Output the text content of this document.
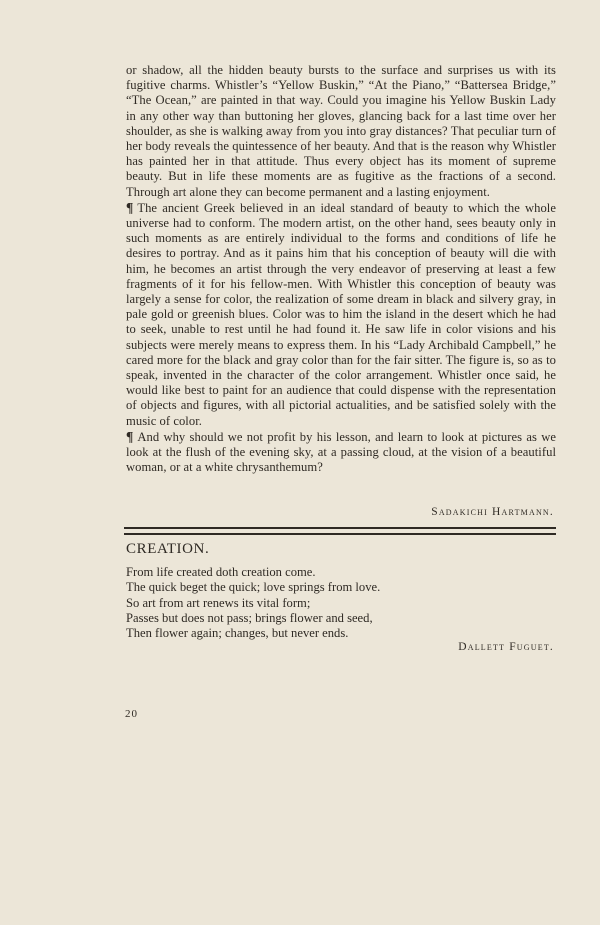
or shadow, all the hidden beauty bursts to the surface and surprises us with its fugitive charms. Whistler’s “Yellow Buskin,” “At the Piano,” “Battersea Bridge,” “The Ocean,” are painted in that way. Could you imagine his Yellow Buskin Lady in any other way than buttoning her gloves, glancing back for a last time over her shoulder, as she is walking away from you into gray distances? That peculiar turn of her body reveals the quintessence of her beauty. And that is the reason why Whistler has painted her in that attitude. Thus every object has its moment of supreme beauty. But in life these moments are as fugitive as the fractions of a second. Through art alone they can become permanent and a lasting enjoyment.

¶ The ancient Greek believed in an ideal standard of beauty to which the whole universe had to conform. The modern artist, on the other hand, sees beauty only in such moments as are entirely individual to the forms and conditions of life he desires to portray. And as it pains him that his conception of beauty will die with him, he becomes an artist through the very endeavor of preserving at least a few fragments of it for his fellow-men. With Whistler this conception of beauty was largely a sense for color, the realization of some dream in black and silvery gray, in pale gold or greenish blues. Color was to him the island in the desert which he had to seek, unable to rest until he had found it. He saw life in color visions and his subjects were merely means to express them. In his “Lady Archibald Campbell,” he cared more for the black and gray color than for the fair sitter. The figure is, so as to speak, invented in the character of the color arrangement. Whistler once said, he would like best to paint for an audience that could dispense with the representation of objects and figures, with all pictorial actualities, and be satisfied solely with the music of color.

¶ And why should we not profit by his lesson, and learn to look at pictures as we look at the flush of the evening sky, at a passing cloud, at the vision of a beautiful woman, or at a white chrysanthemum?

Sadakichi Hartmann.
CREATION.
From life created doth creation come.
The quick beget the quick; love springs from love.
So art from art renews its vital form;
Passes but does not pass; brings flower and seed,
Then flower again; changes, but never ends.
Dallett Fuguet.
20
